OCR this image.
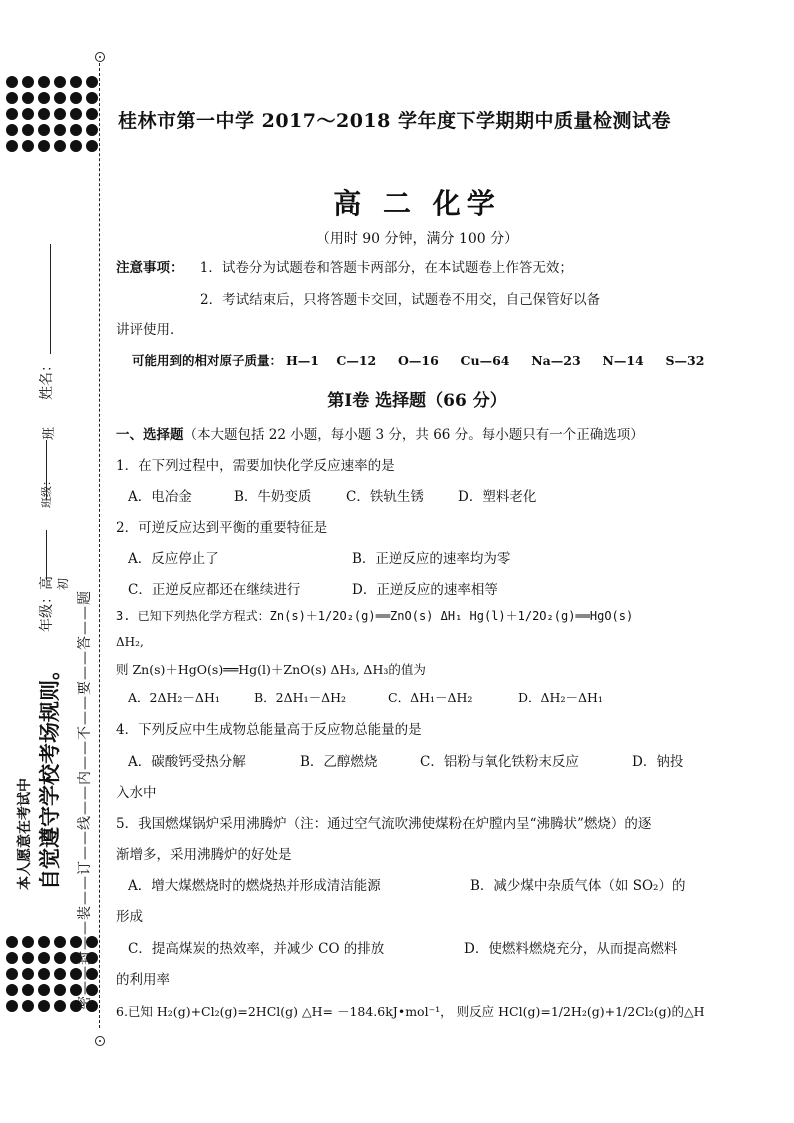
密——封——装——订——线——内——不——要——答——题
本人愿意在考试中 自觉遵守学校考场规则。
年级：高 初
班级：
班
姓名：
桂林市第一中学 2017～2018 学年度下学期期中质量检测试卷
高 二 化学
（用时 90 分钟，满分 100 分）
注意事项： 1．试卷分为试题卷和答题卡两部分，在本试题卷上作答无效；
2．考试结束后，只将答题卡交回，试题卷不用交，自己保管好以备
讲评使用．
可能用到的相对原子质量： H—1    C—12     O—16     Cu—64     Na—23     N—14     S—32
第Ⅰ卷 选择题（66 分）
一、选择题（本大题包括 22 小题，每小题 3 分，共 66 分。每小题只有一个正确选项）
1．在下列过程中，需要加快化学反应速率的是
A．电冶金	B．牛奶变质	C．铁轨生锈	D．塑料老化
2．可逆反应达到平衡的重要特征是
A．反应停止了	B．正逆反应的速率均为零
C．正逆反应都还在继续进行	D．正逆反应的速率相等
3. 已知下列热化学方程式：Zn(s)＋1/2O₂(g)══ZnO(s) ΔH₁ Hg(l)＋1/2O₂(g)══HgO(s)
ΔH₂,
则 Zn(s)＋HgO(s)══Hg(l)＋ZnO(s) ΔH₃, ΔH₃的值为
A．2ΔH₂－ΔH₁	B．2ΔH₁－ΔH₂	C．ΔH₁－ΔH₂	D．ΔH₂－ΔH₁
4．下列反应中生成物总能量高于反应物总能量的是
A．碳酸钙受热分解	B．乙醇燃烧	C．铝粉与氧化铁粉末反应	D．钠投
入水中
5．我国燃煤锅炉采用沸腾炉（注：通过空气流吹沸使煤粉在炉膛内呈“沸腾状”燃烧）的逐
渐增多，采用沸腾炉的好处是
A．增大煤燃烧时的燃烧热并形成清洁能源	B．减少煤中杂质气体（如 SO₂）的
形成
C．提高煤炭的热效率，并减少 CO 的排放	D．使燃料燃烧充分，从而提高燃料
的利用率
6.已知 H₂(g)+Cl₂(g)=2HCl(g) △H= －184.6kJ•mol⁻¹， 则反应 HCl(g)=1/2H₂(g)+1/2Cl₂(g)的△H
